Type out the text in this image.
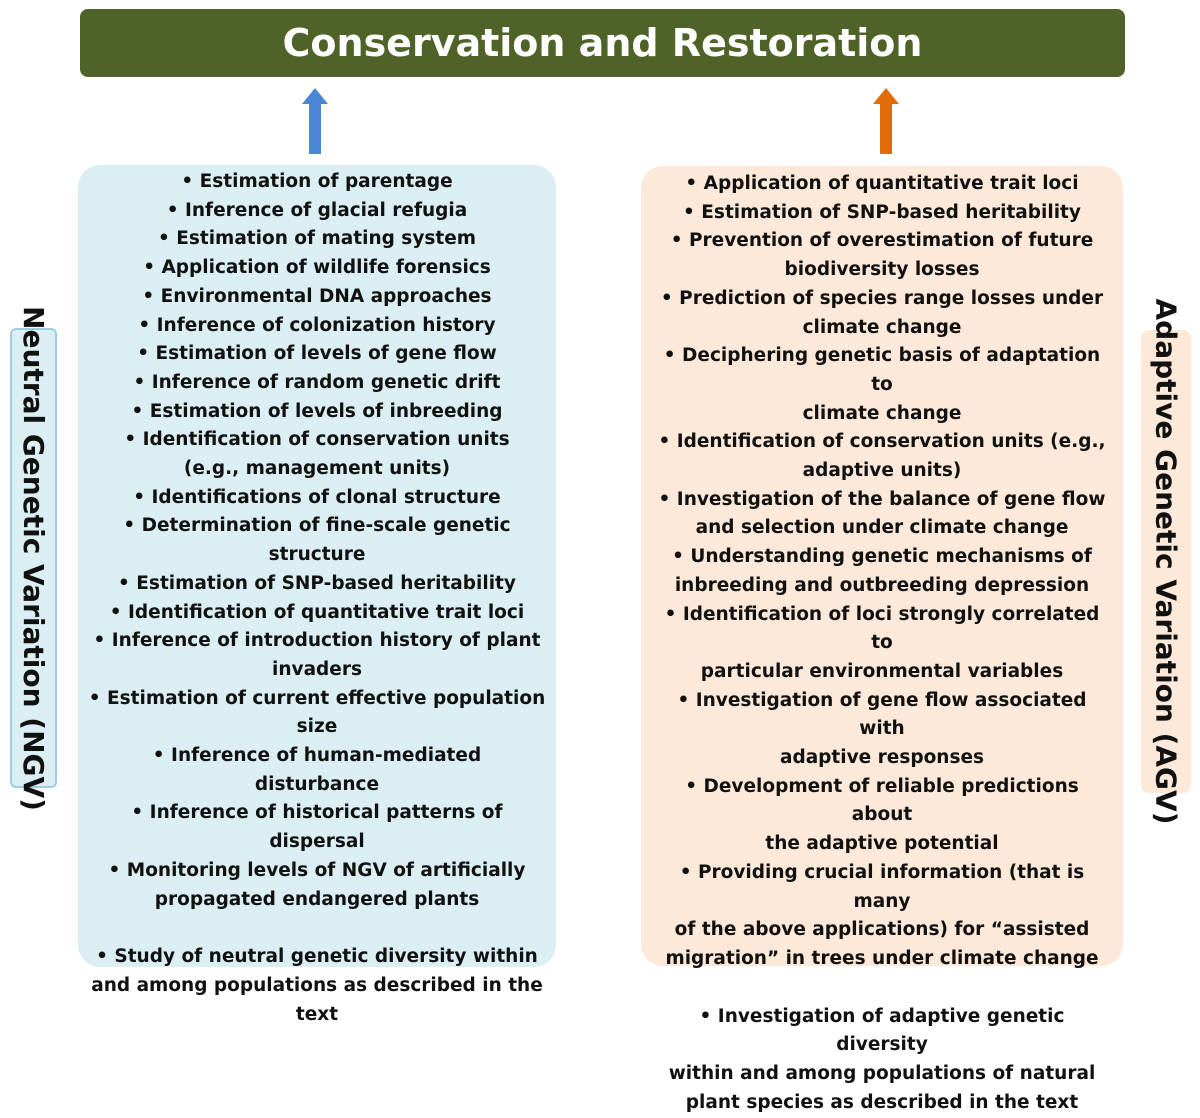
Conservation and Restoration
• Estimation of parentage
• Inference of glacial refugia
• Estimation of mating system
• Application of wildlife forensics
• Environmental DNA approaches
• Inference of colonization history
• Estimation of levels of gene flow
• Inference of random genetic drift
• Estimation of levels of inbreeding
• Identification of conservation units
(e.g., management units)
• Identifications of clonal structure
• Determination of fine-scale genetic
structure
• Estimation of SNP-based heritability
• Identification of quantitative trait loci
• Inference of introduction history of plant
invaders
• Estimation of current effective population
size
• Inference of human-mediated disturbance
• Inference of historical patterns of dispersal
• Monitoring levels of NGV of artificially
propagated endangered plants
• Study of neutral genetic diversity within
and among populations as described in the
text
• Application of quantitative trait loci
• Estimation of SNP-based heritability
• Prevention of overestimation of future
biodiversity losses
• Prediction of species range losses under
climate change
• Deciphering genetic basis of adaptation to
climate change
• Identification of conservation units (e.g.,
adaptive units)
• Investigation of the balance of gene flow
and selection under climate change
• Understanding genetic mechanisms of
inbreeding and outbreeding depression
• Identification of loci strongly correlated to
particular environmental variables
• Investigation of gene flow associated with
adaptive responses
• Development of reliable predictions about
the adaptive potential
• Providing crucial information (that is many
of the above applications) for “assisted
migration” in trees under climate change
• Investigation of adaptive genetic diversity
within and among populations of natural
plant species as described in the text
Neutral Genetic Variation (NGV)	Adaptive Genetic Variation (AGV)
